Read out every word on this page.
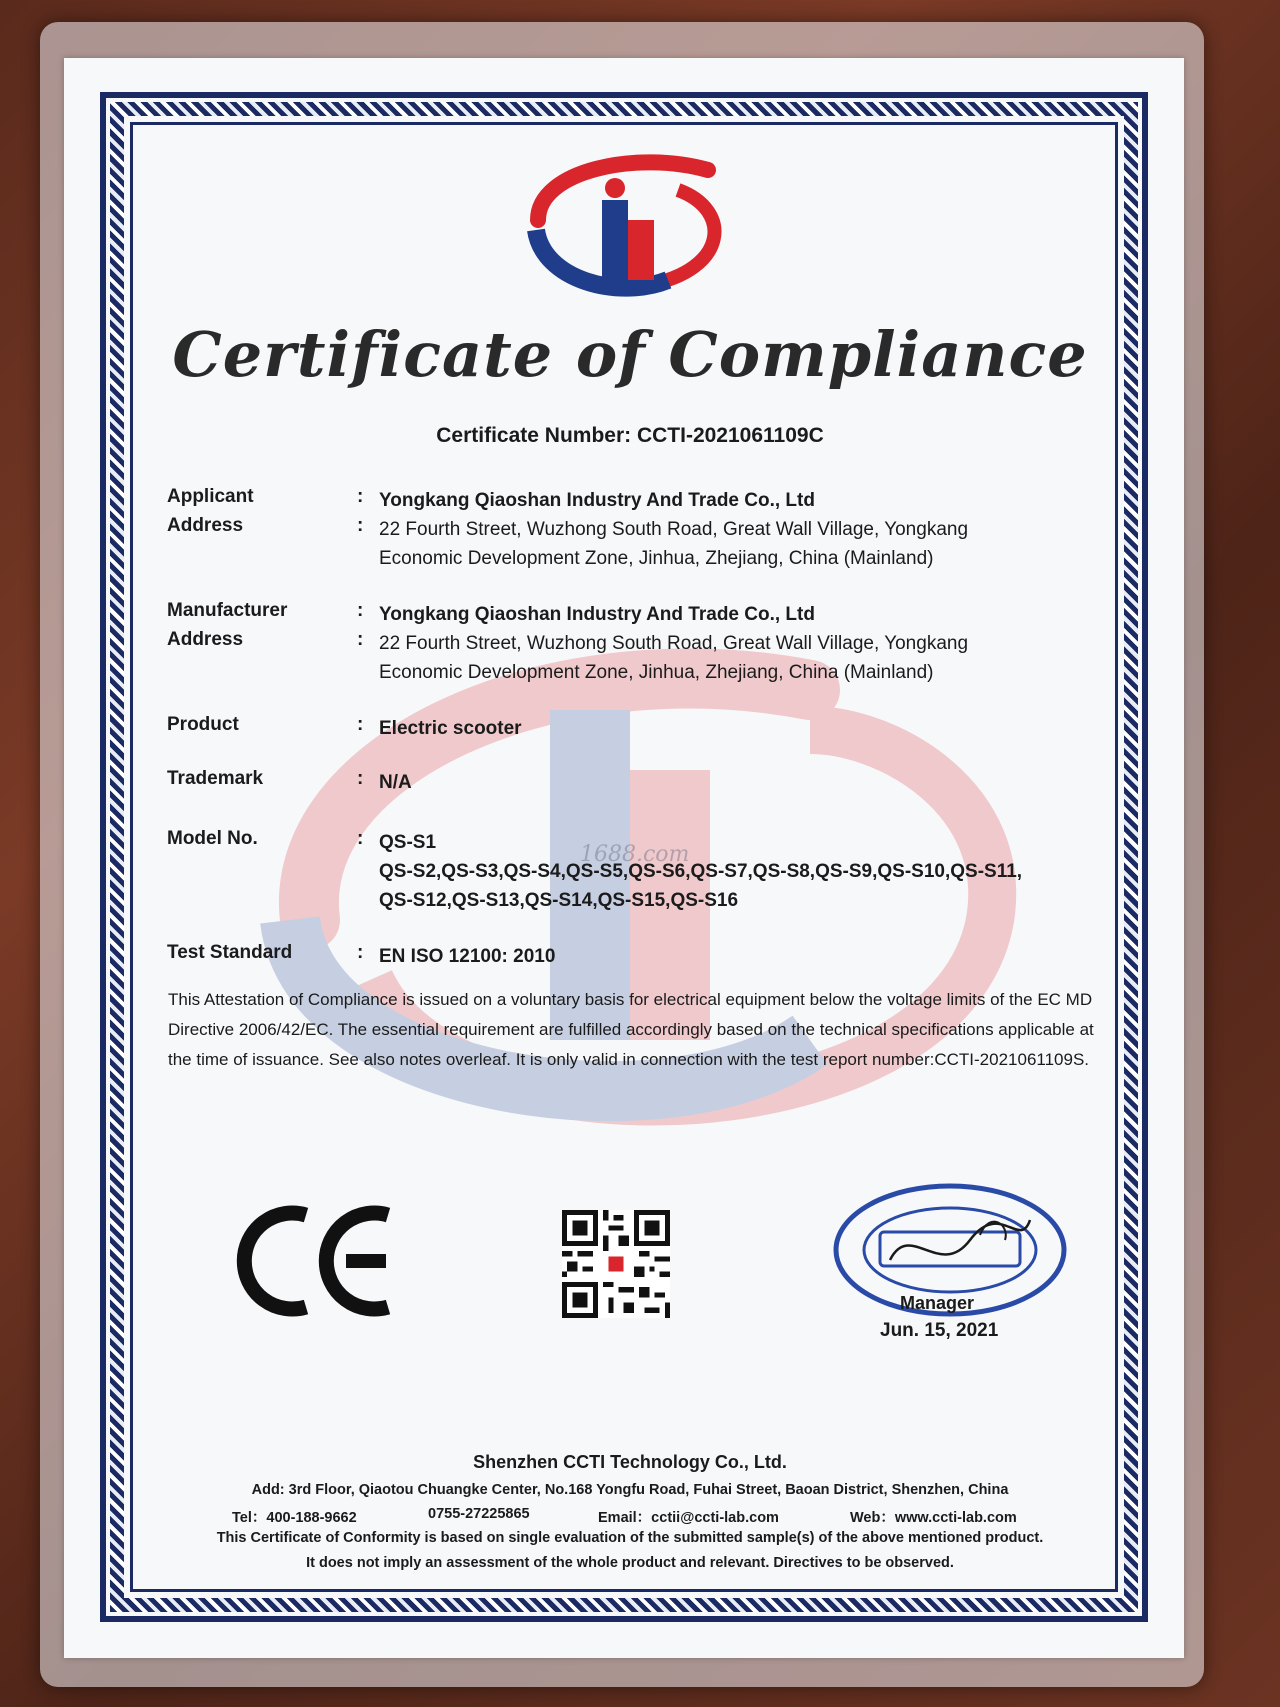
Certificate of Compliance
Certificate Number: CCTI-2021061109C
Applicant	: Yongkang Qiaoshan Industry And Trade Co., Ltd
Address	: 22 Fourth Street, Wuzhong South Road, Great Wall Village, Yongkang
Economic Development Zone, Jinhua, Zhejiang, China (Mainland)
Manufacturer	: Yongkang Qiaoshan Industry And Trade Co., Ltd
Address	: 22 Fourth Street, Wuzhong South Road, Great Wall Village, Yongkang
Economic Development Zone, Jinhua, Zhejiang, China (Mainland)
Product	: Electric scooter
Trademark	: N/A
Model No.	: QS-S1
QS-S2,QS-S3,QS-S4,QS-S5,QS-S6,QS-S7,QS-S8,QS-S9,QS-S10,QS-S11,
QS-S12,QS-S13,QS-S14,QS-S15,QS-S16
1688.com
Test Standard	: EN ISO 12100: 2010
This Attestation of Compliance is issued on a voluntary basis for electrical equipment below the voltage limits of the EC MD Directive 2006/42/EC. The essential requirement are fulfilled accordingly based on the technical specifications applicable at the time of issuance. See also notes overleaf. It is only valid in connection with the test report number:CCTI-2021061109S.
Manager
Jun. 15, 2021
Shenzhen CCTI Technology Co., Ltd.
Add: 3rd Floor, Qiaotou Chuangke Center, No.168 Yongfu Road, Fuhai Street, Baoan District, Shenzhen, China
Tel：400-188-9662	0755-27225865	Email：cctii@ccti-lab.com	Web：www.ccti-lab.com
This Certificate of Conformity is based on single evaluation of the submitted sample(s) of the above mentioned product.
It does not imply an assessment of the whole product and relevant. Directives to be observed.
